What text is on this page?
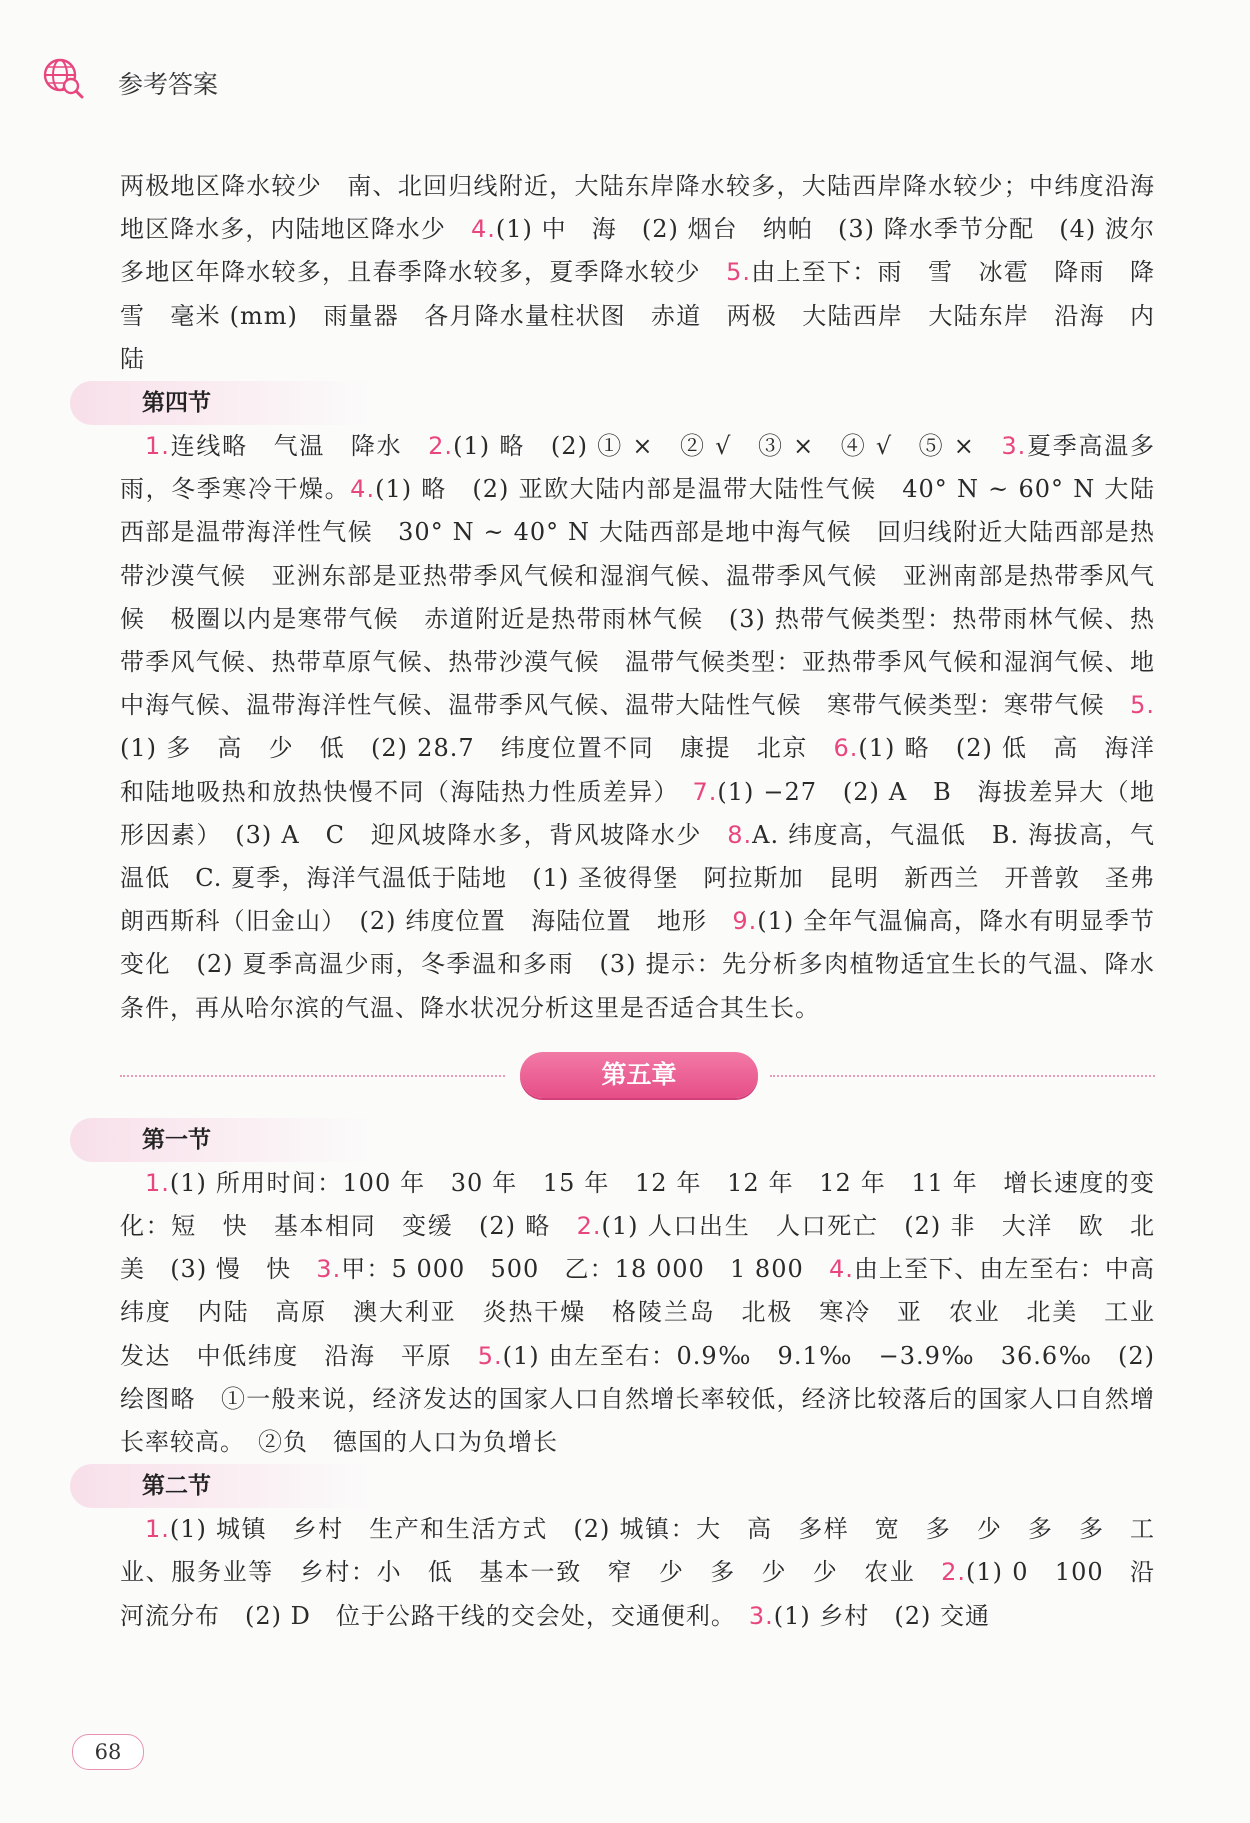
参考答案

两极地区降水较少　南、北回归线附近，大陆东岸降水较多，大陆西岸降水较少；中纬度沿海地区降水多，内陆地区降水少　4.(1) 中　海　(2) 烟台　纳帕　(3) 降水季节分配　(4) 波尔多地区年降水较多，且春季降水较多，夏季降水较少　5.由上至下：雨　雪　冰雹　降雨　降雪　毫米 (mm)　雨量器　各月降水量柱状图　赤道　两极　大陆西岸　大陆东岸　沿海　内陆

第四节

 1.连线略　气温　降水　2.(1) 略　(2) ① ×　② √　③ ×　④ √　⑤ ×　3.夏季高温多雨，冬季寒冷干燥。4.(1) 略　(2) 亚欧大陆内部是温带大陆性气候　40° N ~ 60° N 大陆西部是温带海洋性气候　30° N ~ 40° N 大陆西部是地中海气候　回归线附近大陆西部是热带沙漠气候　亚洲东部是亚热带季风气候和湿润气候、温带季风气候　亚洲南部是热带季风气候　极圈以内是寒带气候　赤道附近是热带雨林气候　(3) 热带气候类型：热带雨林气候、热带季风气候、热带草原气候、热带沙漠气候　温带气候类型：亚热带季风气候和湿润气候、地中海气候、温带海洋性气候、温带季风气候、温带大陆性气候　寒带气候类型：寒带气候　5.(1) 多　高　少　低　(2) 28.7　纬度位置不同　康提　北京　6.(1) 略　(2) 低　高　海洋和陆地吸热和放热快慢不同（海陆热力性质差异）　7.(1) −27　(2) A　B　海拔差异大（地形因素）　(3) A　C　迎风坡降水多，背风坡降水少　8.A. 纬度高，气温低　B. 海拔高，气温低　C. 夏季，海洋气温低于陆地　(1) 圣彼得堡　阿拉斯加　昆明　新西兰　开普敦　圣弗朗西斯科（旧金山）　(2) 纬度位置　海陆位置　地形　9.(1) 全年气温偏高，降水有明显季节变化　(2) 夏季高温少雨，冬季温和多雨　(3) 提示：先分析多肉植物适宜生长的气温、降水条件，再从哈尔滨的气温、降水状况分析这里是否适合其生长。

第五章
第一节

 1.(1) 所用时间：100 年　30 年　15 年　12 年　12 年　12 年　11 年　增长速度的变化：短　快　基本相同　变缓　(2) 略　2.(1) 人口出生　人口死亡　(2) 非　大洋　欧　北美　(3) 慢　快　3.甲：5 000　500　乙：18 000　1 800　4.由上至下、由左至右：中高纬度　内陆　高原　澳大利亚　炎热干燥　格陵兰岛　北极　寒冷　亚　农业　北美　工业　发达　中低纬度　沿海　平原　5.(1) 由左至右：0.9‰　9.1‰　−3.9‰　36.6‰　(2) 绘图略　①一般来说，经济发达的国家人口自然增长率较低，经济比较落后的国家人口自然增长率较高。　②负　德国的人口为负增长

第二节

 1.(1) 城镇　乡村　生产和生活方式　(2) 城镇：大　高　多样　宽　多　少　多　多　工业、服务业等　乡村：小　低　基本一致　窄　少　多　少　少　农业　2.(1) 0　100　沿河流分布　(2) D　位于公路干线的交会处，交通便利。　3.(1) 乡村　(2) 交通

68
